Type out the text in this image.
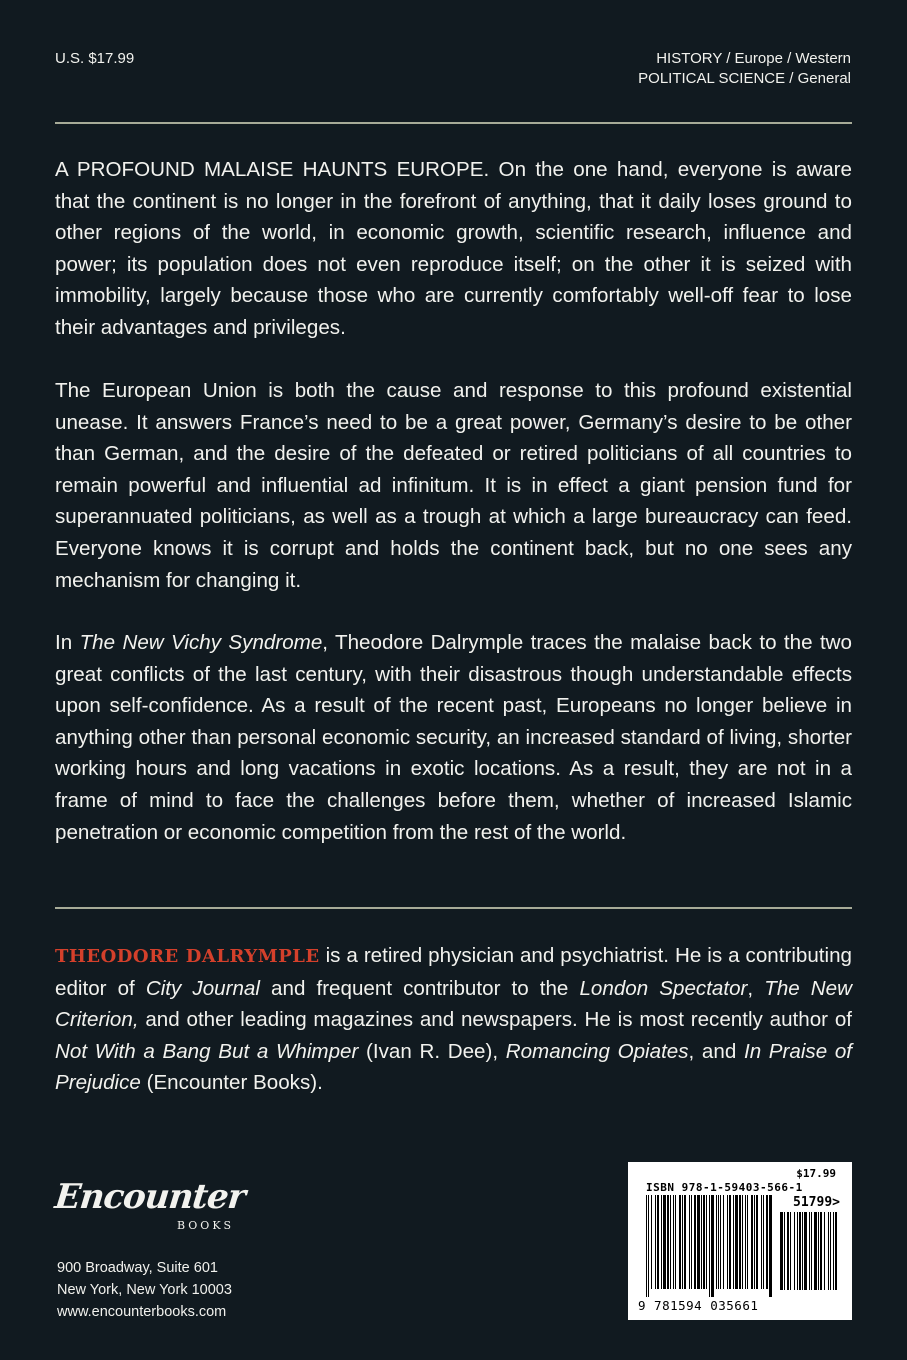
U.S. $17.99	HISTORY / Europe / Western
POLITICAL SCIENCE / General

A PROFOUND MALAISE HAUNTS EUROPE. On the one hand, everyone is aware that the continent is no longer in the forefront of anything, that it daily loses ground to other regions of the world, in economic growth, scientific research, influence and power; its population does not even reproduce itself; on the other it is seized with immobility, largely because those who are currently comfortably well-off fear to lose their advantages and privileges.

The European Union is both the cause and response to this profound existential unease. It answers France’s need to be a great power, Germany’s desire to be other than German, and the desire of the defeated or retired politicians of all countries to remain powerful and influential ad infinitum. It is in effect a giant pension fund for superannuated politicians, as well as a trough at which a large bureaucracy can feed. Everyone knows it is corrupt and holds the continent back, but no one sees any mechanism for changing it.

In The New Vichy Syndrome, Theodore Dalrymple traces the malaise back to the two great conflicts of the last century, with their disastrous though understandable effects upon self-confidence. As a result of the recent past, Europeans no longer believe in anything other than personal economic security, an increased standard of living, shorter working hours and long vacations in exotic locations. As a result, they are not in a frame of mind to face the challenges before them, whether of increased Islamic penetration or economic competition from the rest of the world.

THEODORE DALRYMPLE is a retired physician and psychiatrist. He is a contributing editor of City Journal and frequent contributor to the London Spectator, The New Criterion, and other leading magazines and newspapers. He is most recently author of Not With a Bang But a Whimper (Ivan R. Dee), Romancing Opiates, and In Praise of Prejudice (Encounter Books).

Encounter
BOOKS
900 Broadway, Suite 601
New York, New York 10003
www.encounterbooks.com
$17.99
ISBN 978-1-59403-566-1
51799>
9 781594 035661
